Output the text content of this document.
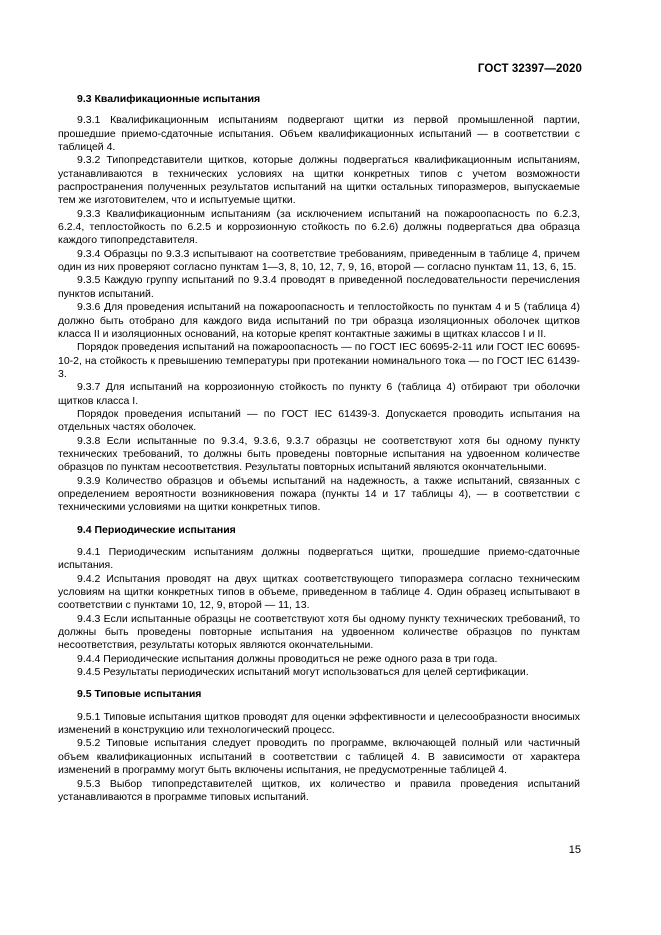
ГОСТ 32397—2020
9.3 Квалификационные испытания

9.3.1 Квалификационным испытаниям подвергают щитки из первой промышленной партии, прошедшие приемо-сдаточные испытания. Объем квалификационных испытаний — в соответствии с таблицей 4.

9.3.2 Типопредставители щитков, которые должны подвергаться квалификационным испытаниям, устанавливаются в технических условиях на щитки конкретных типов с учетом возможности распространения полученных результатов испытаний на щитки остальных типоразмеров, выпускаемые тем же изготовителем, что и испытуемые щитки.

9.3.3 Квалификационным испытаниям (за исключением испытаний на пожароопасность по 6.2.3, 6.2.4, теплостойкость по 6.2.5 и коррозионную стойкость по 6.2.6) должны подвергаться два образца каждого типопредставителя.

9.3.4 Образцы по 9.3.3 испытывают на соответствие требованиям, приведенным в таблице 4, причем один из них проверяют согласно пунктам 1—3, 8, 10, 12, 7, 9, 16, второй — согласно пунктам 11, 13, 6, 15.

9.3.5 Каждую группу испытаний по 9.3.4 проводят в приведенной последовательности перечисления пунктов испытаний.

9.3.6 Для проведения испытаний на пожароопасность и теплостойкость по пунктам 4 и 5 (таблица 4) должно быть отобрано для каждого вида испытаний по три образца изоляционных оболочек щитков класса II и изоляционных оснований, на которые крепят контактные зажимы в щитках классов I и II.

Порядок проведения испытаний на пожароопасность — по ГОСТ IEC 60695-2-11 или ГОСТ IEC 60695-10-2, на стойкость к превышению температуры при протекании номинального тока — по ГОСТ IEC 61439-3.

9.3.7 Для испытаний на коррозионную стойкость по пункту 6 (таблица 4) отбирают три оболочки щитков класса I.

Порядок проведения испытаний — по ГОСТ IEC 61439-3. Допускается проводить испытания на отдельных частях оболочек.

9.3.8 Если испытанные по 9.3.4, 9.3.6, 9.3.7 образцы не соответствуют хотя бы одному пункту технических требований, то должны быть проведены повторные испытания на удвоенном количестве образцов по пунктам несоответствия. Результаты повторных испытаний являются окончательными.

9.3.9 Количество образцов и объемы испытаний на надежность, а также испытаний, связанных с определением вероятности возникновения пожара (пункты 14 и 17 таблицы 4), — в соответствии с техническими условиями на щитки конкретных типов.

9.4 Периодические испытания

9.4.1 Периодическим испытаниям должны подвергаться щитки, прошедшие приемо-сдаточные испытания.

9.4.2 Испытания проводят на двух щитках соответствующего типоразмера согласно техническим условиям на щитки конкретных типов в объеме, приведенном в таблице 4. Один образец испытывают в соответствии с пунктами 10, 12, 9, второй — 11, 13.

9.4.3 Если испытанные образцы не соответствуют хотя бы одному пункту технических требований, то должны быть проведены повторные испытания на удвоенном количестве образцов по пунктам несоответствия, результаты которых являются окончательными.

9.4.4 Периодические испытания должны проводиться не реже одного раза в три года.

9.4.5 Результаты периодических испытаний могут использоваться для целей сертификации.

9.5 Типовые испытания

9.5.1 Типовые испытания щитков проводят для оценки эффективности и целесообразности вносимых изменений в конструкцию или технологический процесс.

9.5.2 Типовые испытания следует проводить по программе, включающей полный или частичный объем квалификационных испытаний в соответствии с таблицей 4. В зависимости от характера изменений в программу могут быть включены испытания, не предусмотренные таблицей 4.

9.5.3 Выбор типопредставителей щитков, их количество и правила проведения испытаний устанавливаются в программе типовых испытаний.

15
